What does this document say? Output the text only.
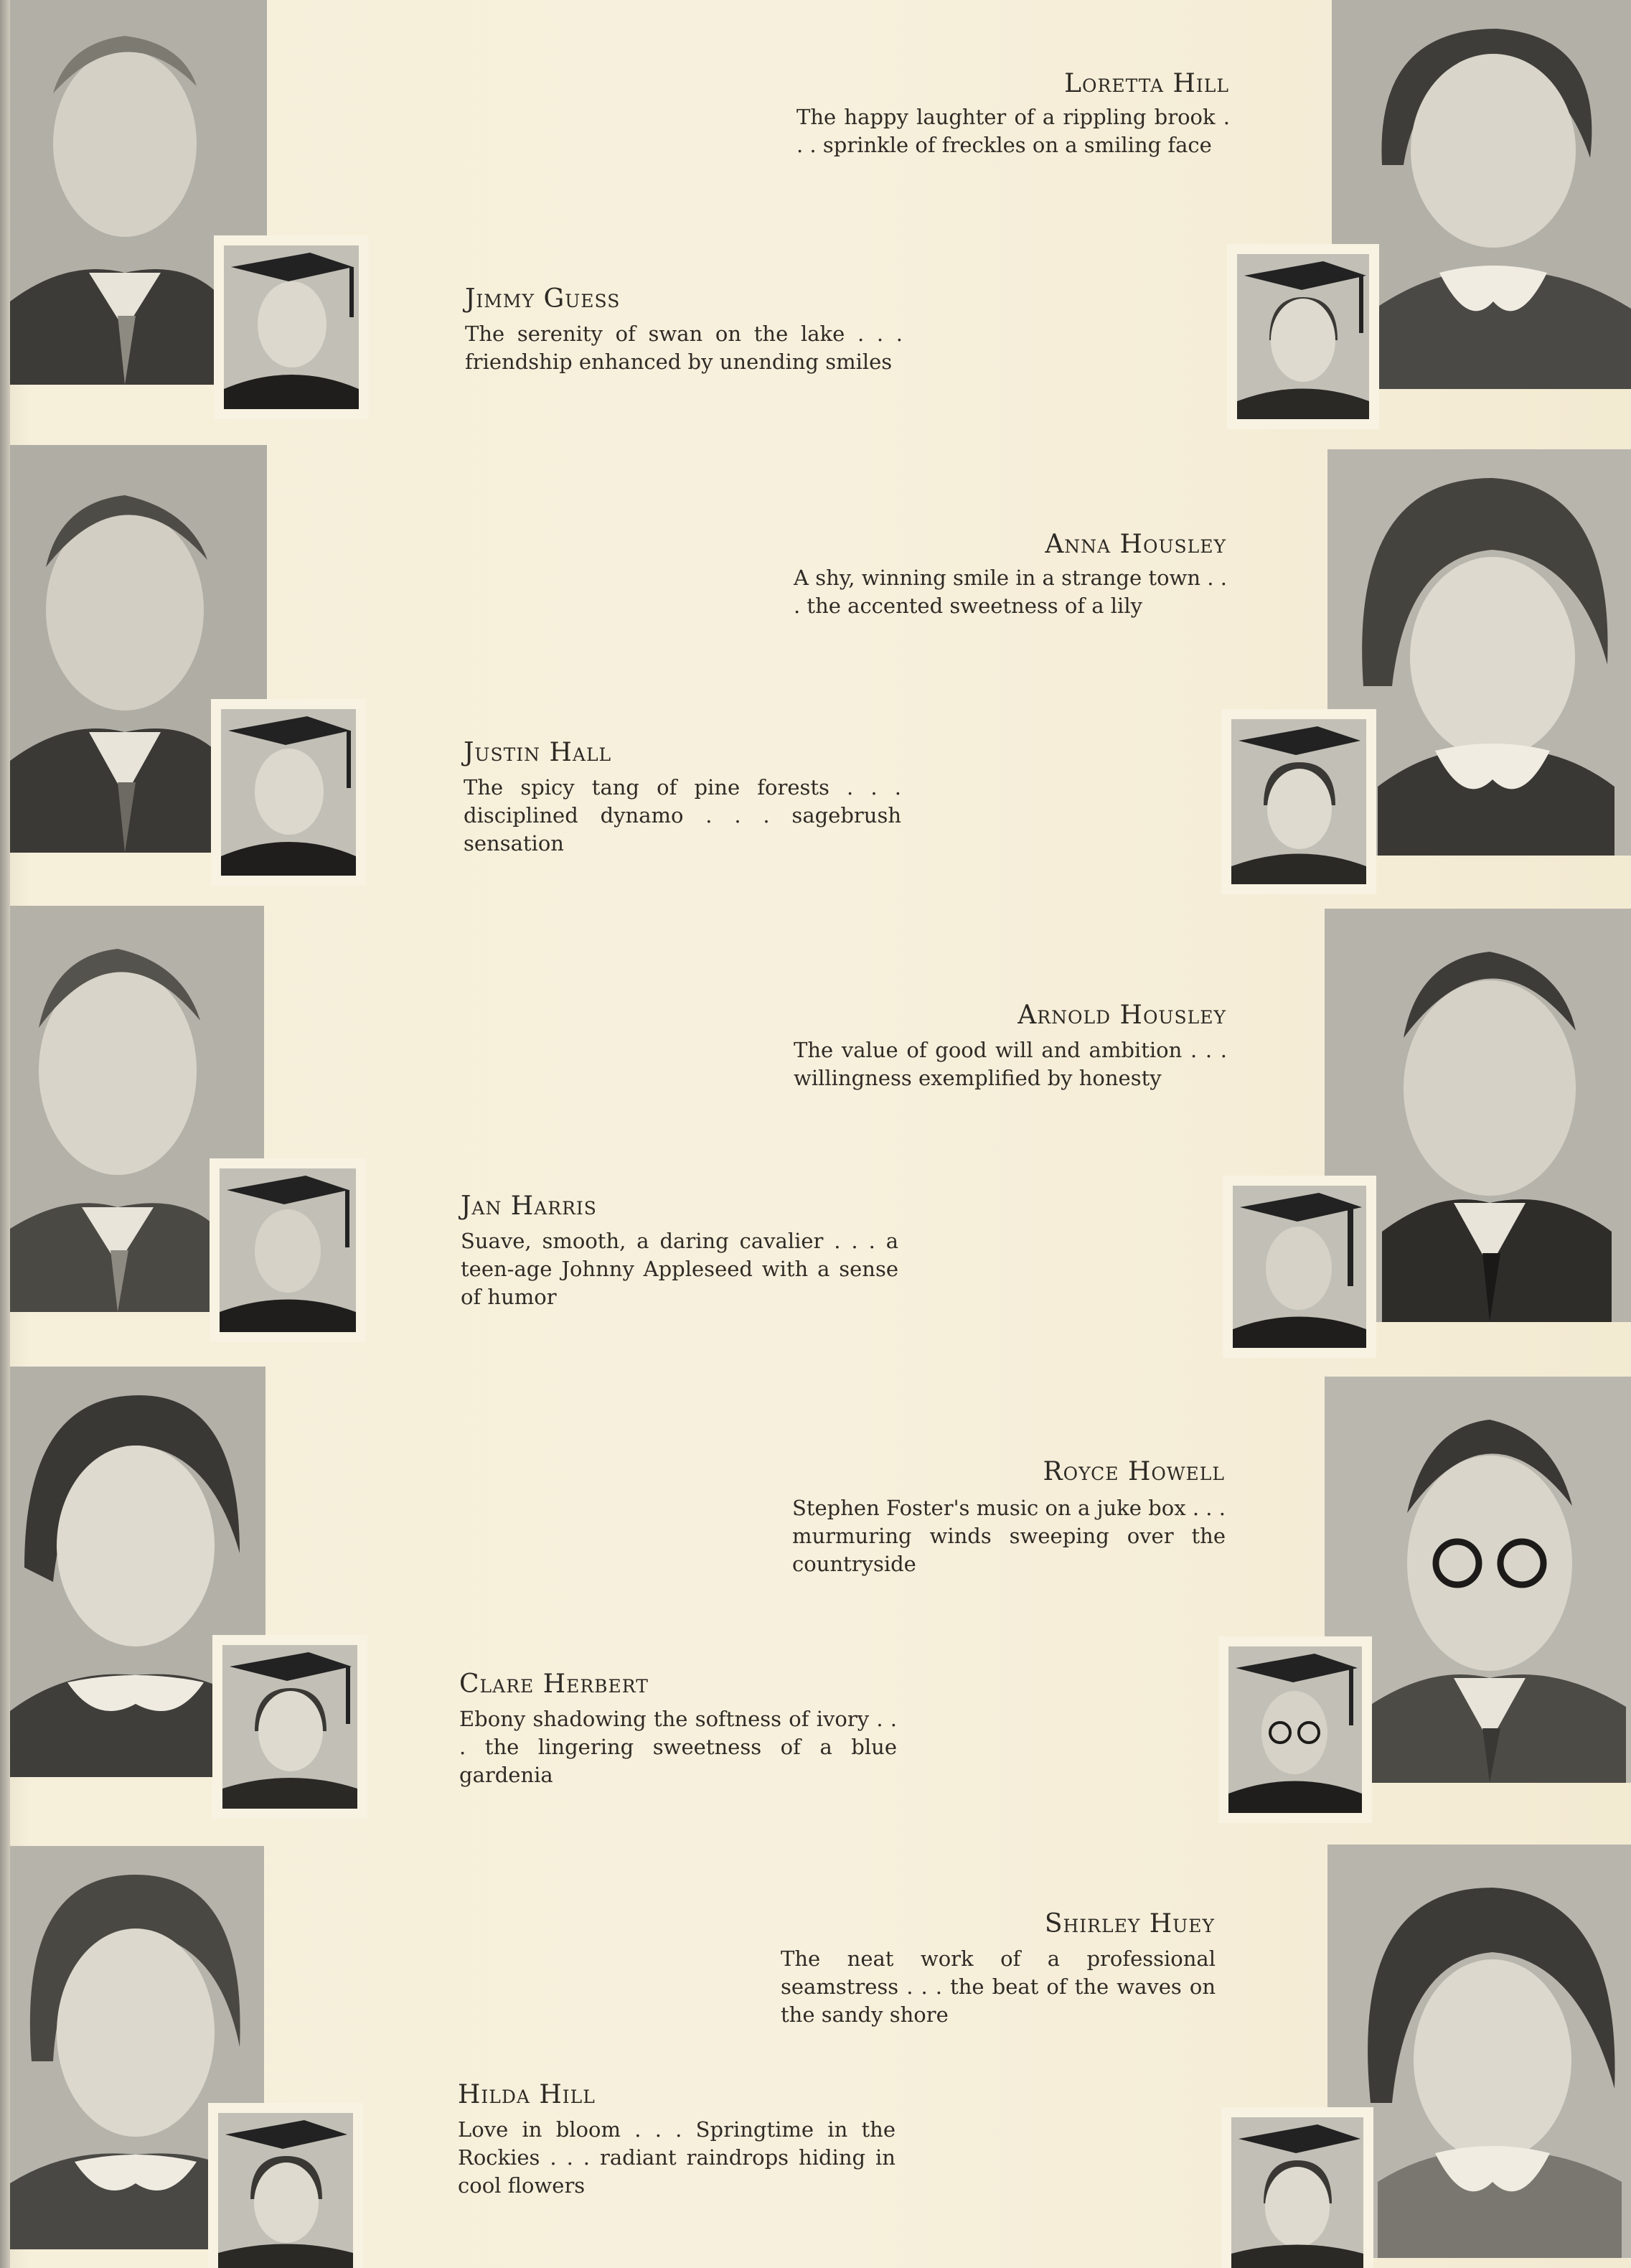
Loretta Hill
The happy laughter of a rippling brook . . . sprinkle of freckles on a smiling face
Jimmy Guess
The serenity of swan on the lake . . . friendship enhanced by unending smiles
Anna Housley
A shy, winning smile in a strange town . . . the accented sweetness of a lily
Justin Hall
The spicy tang of pine forests . . . disciplined dynamo . . . sagebrush sensation
Arnold Housley
The value of good will and ambition . . . willingness exemplified by honesty
Jan Harris
Suave, smooth, a daring cavalier . . . a teen-age Johnny Appleseed with a sense of humor
Royce Howell
Stephen Foster's music on a juke box . . . murmuring winds sweeping over the countryside
Clare Herbert
Ebony shadowing the softness of ivory . . . the lingering sweetness of a blue gardenia
Shirley Huey
The neat work of a professional seamstress . . . the beat of the waves on the sandy shore
Hilda Hill
Love in bloom . . . Springtime in the Rockies . . . radiant raindrops hiding in cool flowers
